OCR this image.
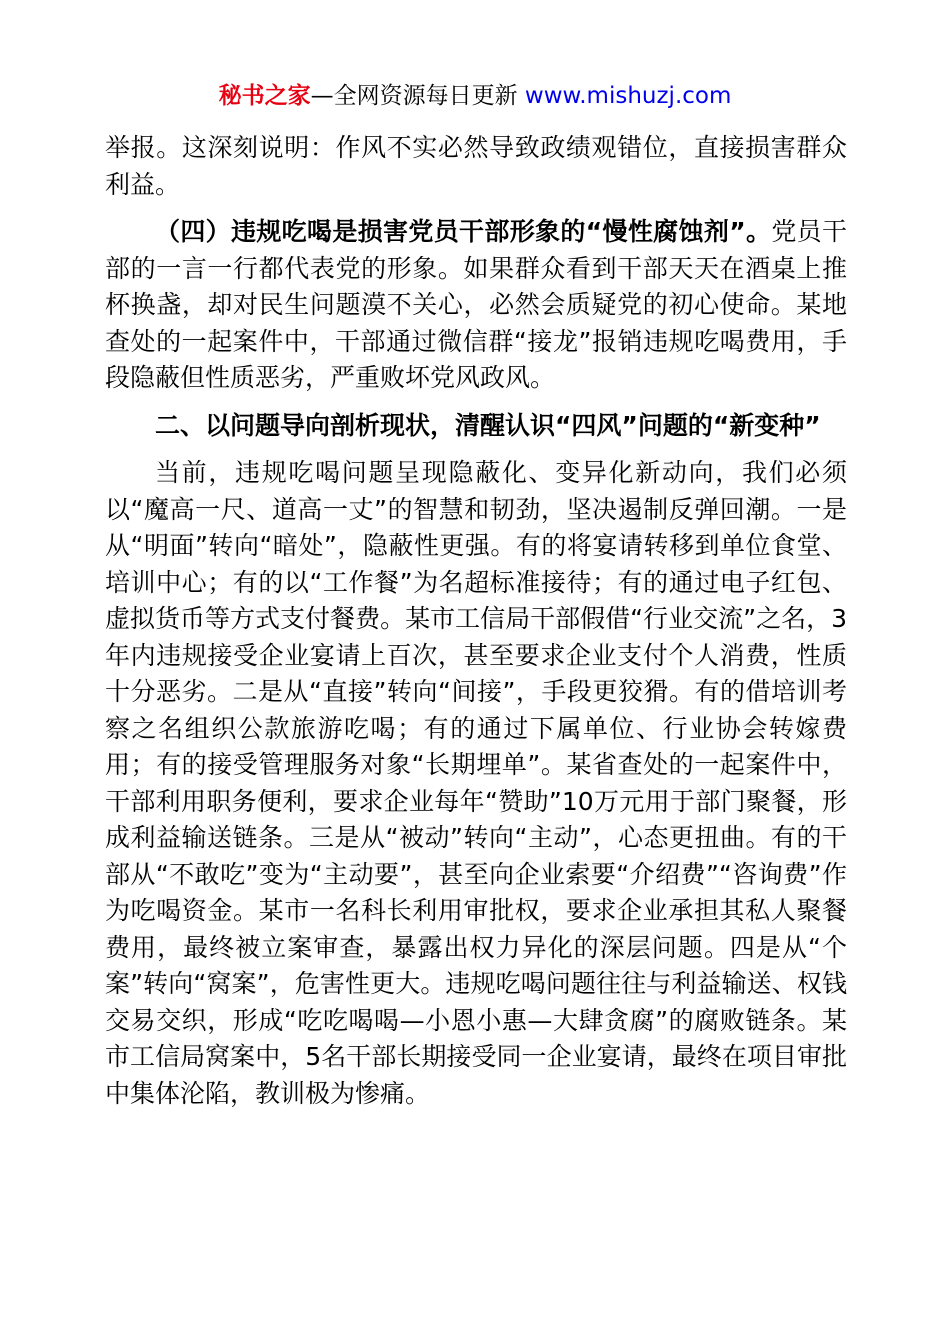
秘书之家—全网资源每日更新 www.mishuzj.com

举报。这深刻说明：作风不实必然导致政绩观错位，直接损害群众利益。

（四）违规吃喝是损害党员干部形象的“慢性腐蚀剂”。党员干部的一言一行都代表党的形象。如果群众看到干部天天在酒桌上推杯换盏，却对民生问题漠不关心，必然会质疑党的初心使命。某地查处的一起案件中，干部通过微信群“接龙”报销违规吃喝费用，手段隐蔽但性质恶劣，严重败坏党风政风。

二、以问题导向剖析现状，清醒认识“四风”问题的“新变种”

当前，违规吃喝问题呈现隐蔽化、变异化新动向，我们必须以“魔高一尺、道高一丈”的智慧和韧劲，坚决遏制反弹回潮。一是从“明面”转向“暗处”，隐蔽性更强。有的将宴请转移到单位食堂、培训中心；有的以“工作餐”为名超标准接待；有的通过电子红包、虚拟货币等方式支付餐费。某市工信局干部假借“行业交流”之名，3年内违规接受企业宴请上百次，甚至要求企业支付个人消费，性质十分恶劣。二是从“直接”转向“间接”，手段更狡猾。有的借培训考察之名组织公款旅游吃喝；有的通过下属单位、行业协会转嫁费用；有的接受管理服务对象“长期埋单”。某省查处的一起案件中，干部利用职务便利，要求企业每年“赞助”10万元用于部门聚餐，形成利益输送链条。三是从“被动”转向“主动”，心态更扭曲。有的干部从“不敢吃”变为“主动要”，甚至向企业索要“介绍费”“咨询费”作为吃喝资金。某市一名科长利用审批权，要求企业承担其私人聚餐费用，最终被立案审查，暴露出权力异化的深层问题。四是从“个案”转向“窝案”，危害性更大。违规吃喝问题往往与利益输送、权钱交易交织，形成“吃吃喝喝—小恩小惠—大肆贪腐”的腐败链条。某市工信局窝案中，5名干部长期接受同一企业宴请，最终在项目审批中集体沦陷，教训极为惨痛。
